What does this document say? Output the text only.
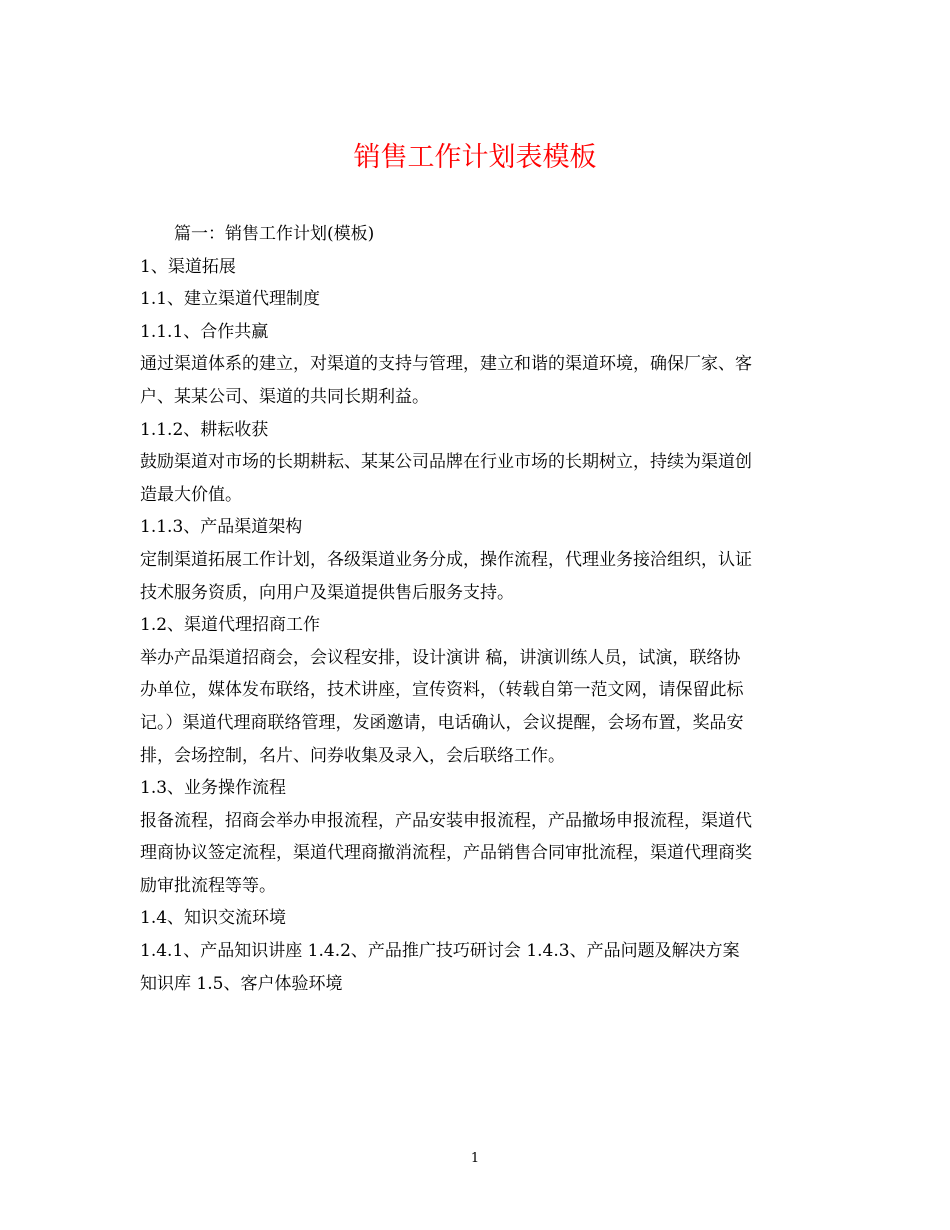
销售工作计划表模板

篇一：销售工作计划(模板)

1、渠道拓展

1.1、建立渠道代理制度

1.1.1、合作共赢

通过渠道体系的建立，对渠道的支持与管理，建立和谐的渠道环境，确保厂家、客

户、某某公司、渠道的共同长期利益。

1.1.2、耕耘收获

鼓励渠道对市场的长期耕耘、某某公司品牌在行业市场的长期树立，持续为渠道创

造最大价值。

1.1.3、产品渠道架构

定制渠道拓展工作计划，各级渠道业务分成，操作流程，代理业务接洽组织，认证

技术服务资质，向用户及渠道提供售后服务支持。

1.2、渠道代理招商工作

举办产品渠道招商会，会议程安排，设计演讲 稿，讲演训练人员，试演，联络协

办单位，媒体发布联络，技术讲座，宣传资料，（转载自第一范文网，请保留此标

记。）渠道代理商联络管理，发函邀请，电话确认，会议提醒，会场布置，奖品安

排，会场控制，名片、问券收集及录入，会后联络工作。

1.3、业务操作流程

报备流程，招商会举办申报流程，产品安装申报流程，产品撤场申报流程，渠道代

理商协议签定流程，渠道代理商撤消流程，产品销售合同审批流程，渠道代理商奖

励审批流程等等。

1.4、知识交流环境

1.4.1、产品知识讲座 1.4.2、产品推广技巧研讨会 1.4.3、产品问题及解决方案

知识库 1.5、客户体验环境

1
